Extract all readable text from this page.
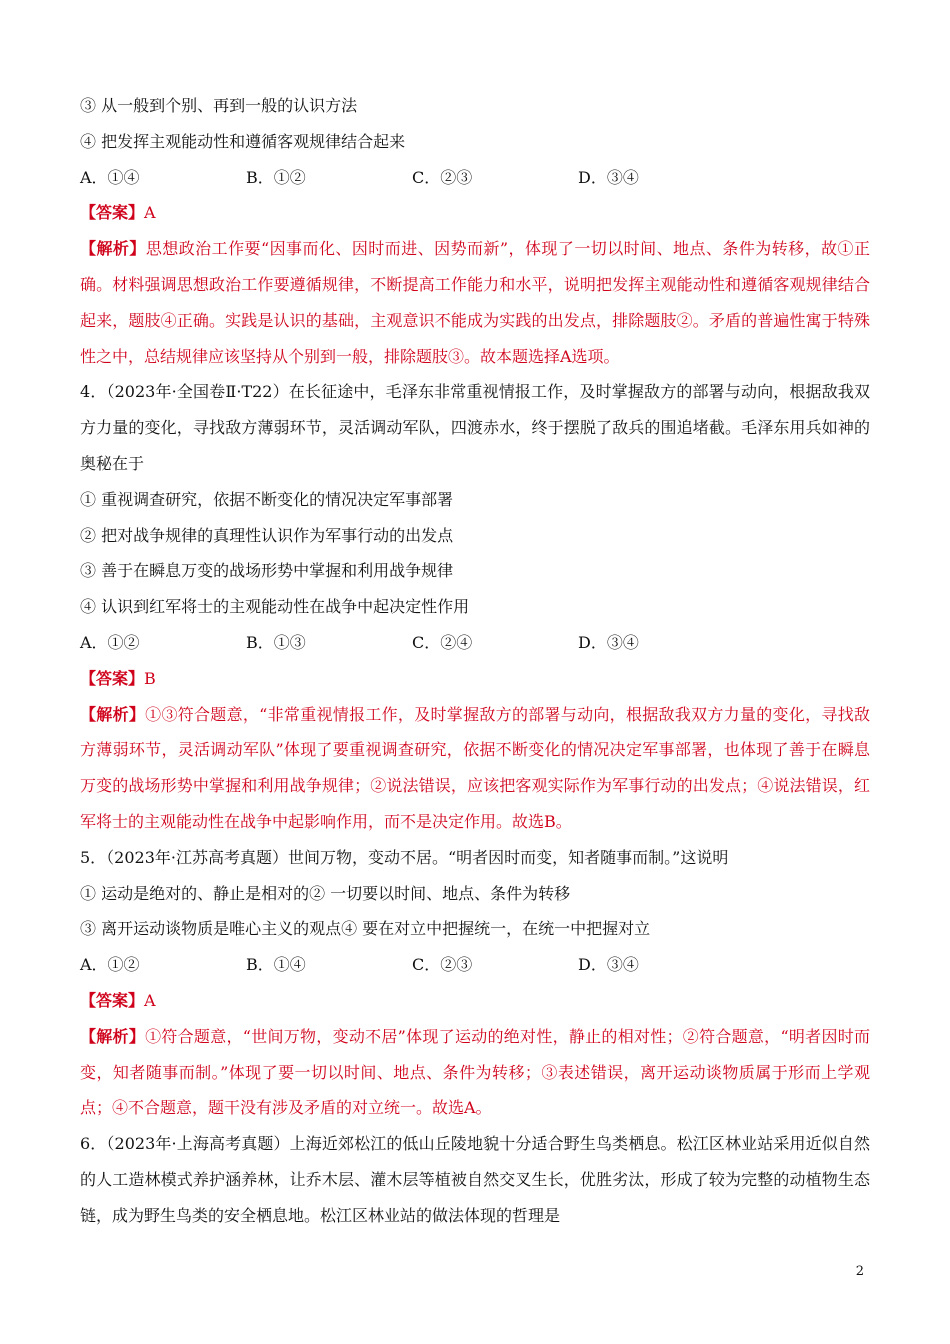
③ 从一般到个别、再到一般的认识方法
④ 把发挥主观能动性和遵循客观规律结合起来
A．①④	B．①②	C．②③	D．③④
【答案】A
【解析】思想政治工作要“因事而化、因时而进、因势而新”，体现了一切以时间、地点、条件为转移，故①正确。材料强调思想政治工作要遵循规律，不断提高工作能力和水平，说明把发挥主观能动性和遵循客观规律结合起来，题肢④正确。实践是认识的基础，主观意识不能成为实践的出发点，排除题肢②。矛盾的普遍性寓于特殊性之中，总结规律应该坚持从个别到一般，排除题肢③。故本题选择A选项。
4．（2023年·全国卷Ⅱ·T22）在长征途中，毛泽东非常重视情报工作，及时掌握敌方的部署与动向，根据敌我双方力量的变化，寻找敌方薄弱环节，灵活调动军队，四渡赤水，终于摆脱了敌兵的围追堵截。毛泽东用兵如神的奥秘在于
① 重视调查研究，依据不断变化的情况决定军事部署
② 把对战争规律的真理性认识作为军事行动的出发点
③ 善于在瞬息万变的战场形势中掌握和利用战争规律
④ 认识到红军将士的主观能动性在战争中起决定性作用
A．①②	B．①③	C．②④	D．③④
【答案】B
【解析】①③符合题意，“非常重视情报工作，及时掌握敌方的部署与动向，根据敌我双方力量的变化，寻找敌方薄弱环节，灵活调动军队”体现了要重视调查研究，依据不断变化的情况决定军事部署，也体现了善于在瞬息万变的战场形势中掌握和利用战争规律；②说法错误，应该把客观实际作为军事行动的出发点；④说法错误，红军将士的主观能动性在战争中起影响作用，而不是决定作用。故选B。
5．（2023年·江苏高考真题）世间万物，变动不居。“明者因时而变，知者随事而制。”这说明
① 运动是绝对的、静止是相对的② 一切要以时间、地点、条件为转移
③ 离开运动谈物质是唯心主义的观点④ 要在对立中把握统一，在统一中把握对立
A．①②	B．①④	C．②③	D．③④
【答案】A
【解析】①符合题意，“世间万物，变动不居”体现了运动的绝对性，静止的相对性；②符合题意，“明者因时而变，知者随事而制。”体现了要一切以时间、地点、条件为转移；③表述错误，离开运动谈物质属于形而上学观点；④不合题意，题干没有涉及矛盾的对立统一。故选A。
6．（2023年·上海高考真题）上海近郊松江的低山丘陵地貌十分适合野生鸟类栖息。松江区林业站采用近似自然的人工造林模式养护涵养林，让乔木层、灌木层等植被自然交叉生长，优胜劣汰，形成了较为完整的动植物生态链，成为野生鸟类的安全栖息地。松江区林业站的做法体现的哲理是
2
